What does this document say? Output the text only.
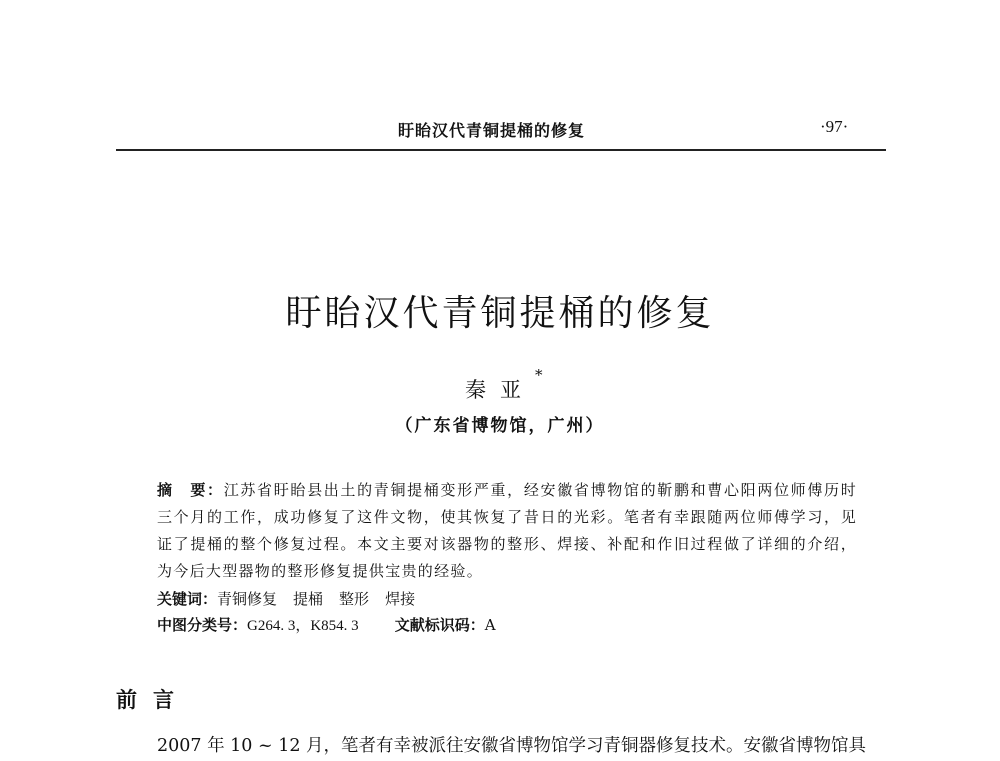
盱眙汉代青铜提桶的修复	·97·
盱眙汉代青铜提桶的修复
秦亚
*
（广东省博物馆，广州）
摘　要：江苏省盱眙县出土的青铜提桶变形严重，经安徽省博物馆的靳鹏和曹心阳两位师傅历时三个月的工作，成功修复了这件文物，使其恢复了昔日的光彩。笔者有幸跟随两位师傅学习，见证了提桶的整个修复过程。本文主要对该器物的整形、焊接、补配和作旧过程做了详细的介绍，为今后大型器物的整形修复提供宝贵的经验。
关键词：青铜修复 提桶 整形 焊接
中图分类号：G264. 3，K854. 3 文献标识码：A
前言
2007 年 10 ~ 12 月，笔者有幸被派往安徽省博物馆学习青铜器修复技术。安徽省博物馆具
